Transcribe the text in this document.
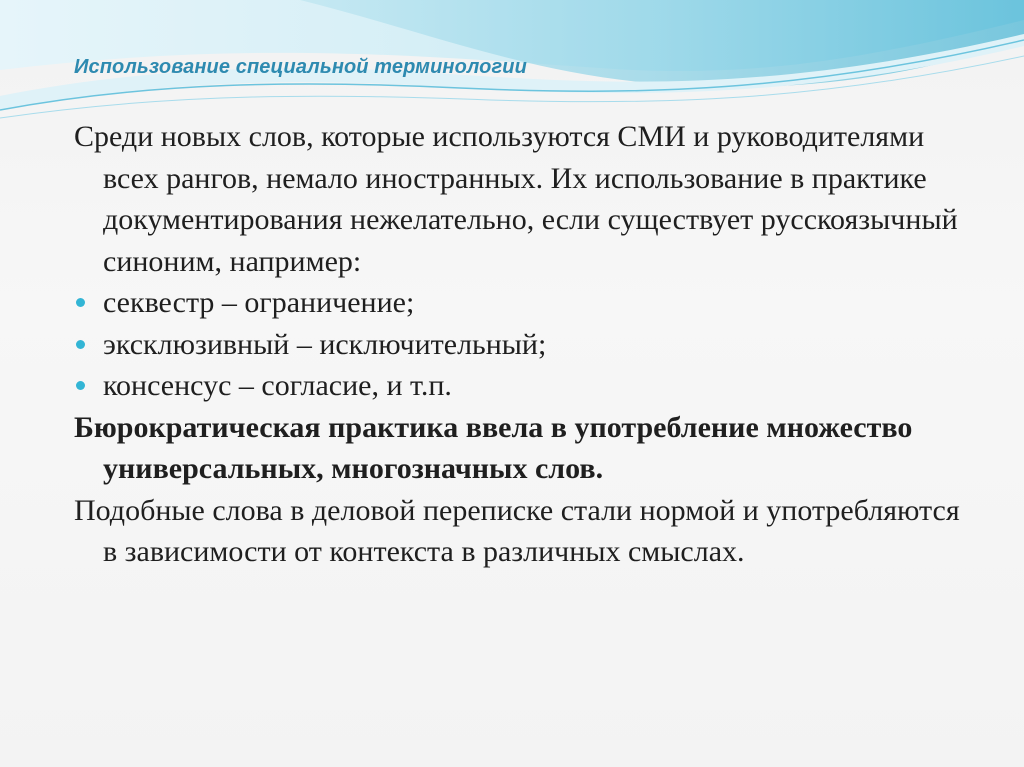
Использование специальной терминологии

Среди новых слов, которые используются СМИ и руководителями всех рангов, немало иностранных. Их использование в практике документирования нежелательно, если существует русскоязычный синоним, например:

секвестр – ограничение;

эксклюзивный – исключительный;

консенсус – согласие, и т.п.

Бюрократическая практика ввела в употребление множество универсальных, многозначных слов.

Подобные слова в деловой переписке стали нормой и употребляются в зависимости от контекста в различных смыслах.
